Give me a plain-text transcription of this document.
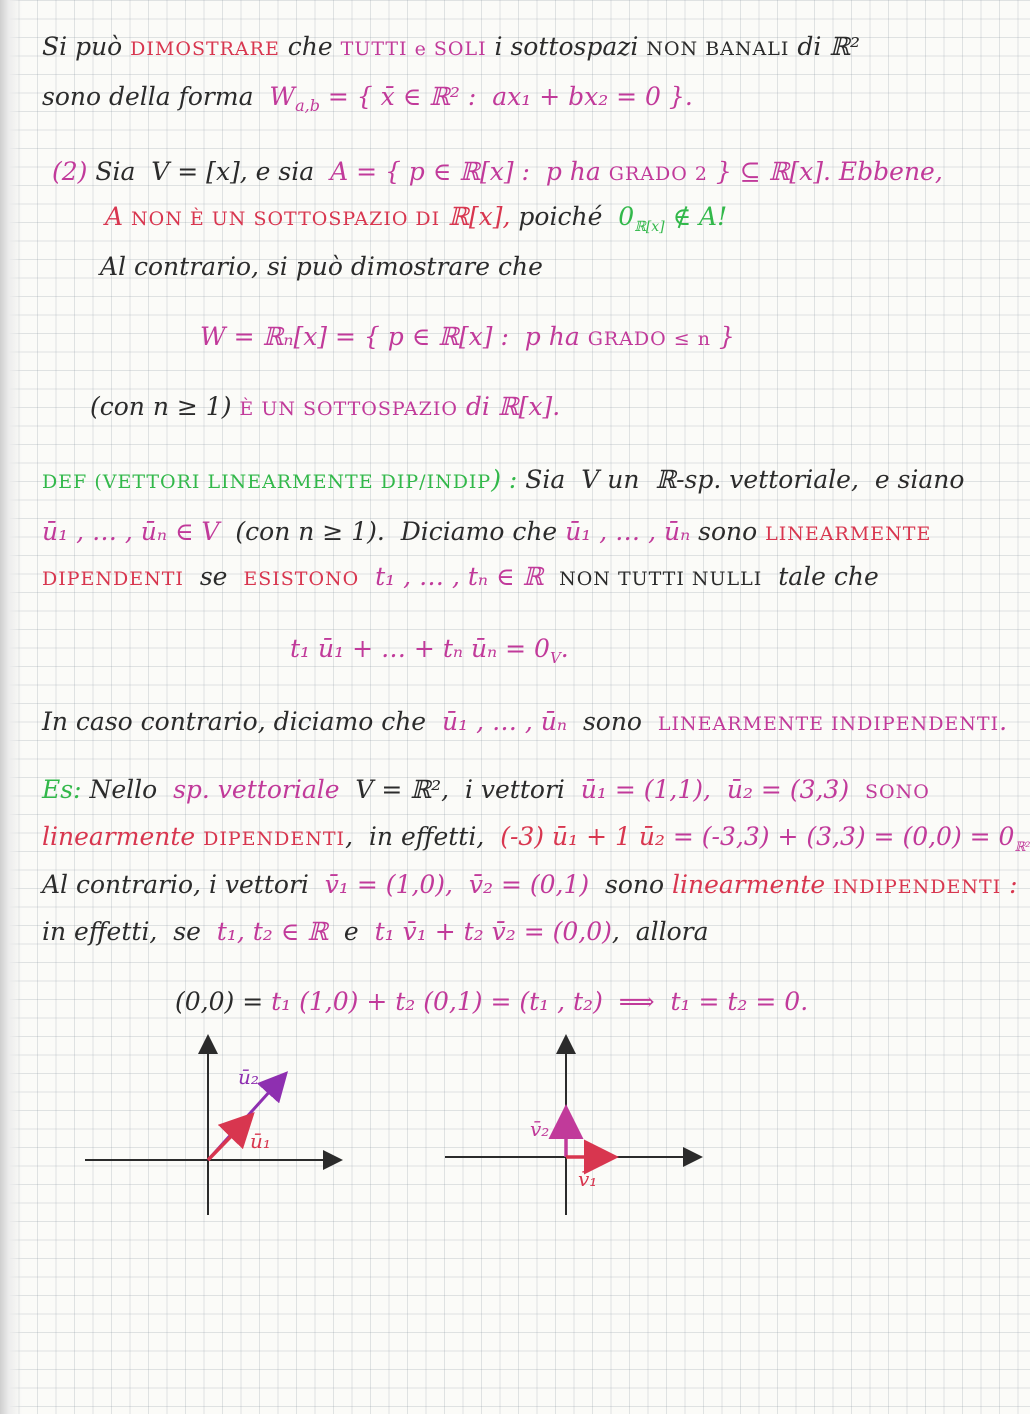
Si può DIMOSTRARE che TUTTI e SOLI i sottospazi NON BANALI di ℝ²
sono della forma  $W_{a,b}$ = { x̄ ∈ ℝ² :  ax₁ + bx₂ = 0 }.
(2) Sia  V = [x], e sia  A = { p ∈ ℝ[x] :  p ha GRADO 2 } ⊆ ℝ[x]. Ebbene,
A NON È UN SOTTOSPAZIO DI ℝ[x], poiché  $0_{ℝ[x]}$ ∉ A!
Al contrario, si può dimostrare che
W = ℝₙ[x] = { p ∈ ℝ[x] :  p ha GRADO ≤ n }
(con n ≥ 1) È UN SOTTOSPAZIO di ℝ[x].
DEF (VETTORI LINEARMENTE DIP/INDIP) : Sia  V un  ℝ-sp. vettoriale,  e siano
ū₁ , … , ūₙ ∈ V  (con n ≥ 1).  Diciamo che ū₁ , … , ūₙ sono LINEARMENTE
DIPENDENTI  se  ESISTONO  t₁ , … , tₙ ∈ ℝ  NON TUTTI NULLI  tale che
t₁ ū₁ + … + tₙ ūₙ = $0_V$.
In caso contrario, diciamo che  ū₁ , … , ūₙ  sono  LINEARMENTE INDIPENDENTI.
Es: Nello  sp. vettoriale  V = ℝ²,  i vettori  ū₁ = (1,1),  ū₂ = (3,3) SONO
linearmente DIPENDENTI,  in effetti,  (-3) ū₁ + 1 ū₂ = $(-3,3) + (3,3) = (0,0) = 0_{ℝ^2}$
Al contrario, i vettori  v̄₁ = (1,0),  v̄₂ = (0,1)  sono linearmente INDIPENDENTI :
in effetti,  se  t₁, t₂ ∈ ℝ  e  t₁ v̄₁ + t₂ v̄₂ = (0,0),  allora
(0,0) = t₁ (1,0) + t₂ (0,1) = (t₁ , t₂)  ⟹  t₁ = t₂ = 0.
ū₂
ū₁	v̄₂
v̄₁
